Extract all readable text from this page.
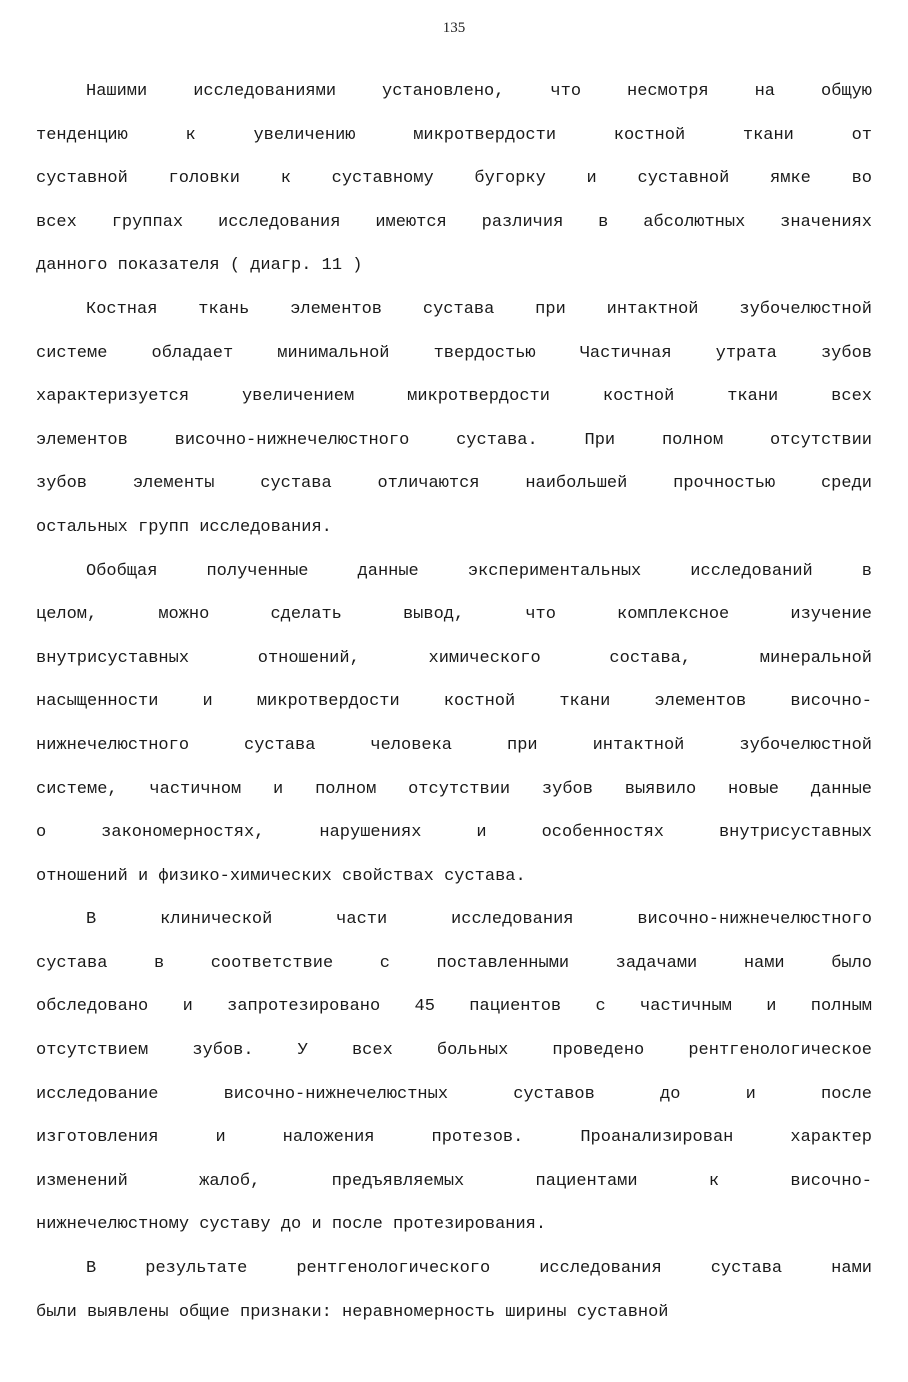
135
Нашими исследованиями установлено, что несмотря на общую
тенденцию к увеличению микротвердости костной ткани от
суставной головки к суставному бугорку и суставной ямке во
всех группах исследования имеются различия в абсолютных значениях
данного показателя ( диагр. 11 )
Костная ткань элементов сустава при интактной зубочелюстной
системе обладает минимальной твердостью Частичная утрата зубов
характеризуется увеличением микротвердости костной ткани всех
элементов височно-нижнечелюстного сустава. При полном отсутствии
зубов элементы сустава отличаются наибольшей прочностью среди
остальных групп исследования.
Обобщая полученные данные экспериментальных исследований в
целом, можно сделать вывод, что комплексное изучение
внутрисуставных отношений, химического состава, минеральной
насыщенности и микротвердости костной ткани элементов височно-
нижнечелюстного сустава человека при интактной зубочелюстной
системе, частичном и полном отсутствии зубов выявило новые данные
о закономерностях, нарушениях и особенностях внутрисуставных
отношений и физико-химических свойствах сустава.
В клинической части исследования височно-нижнечелюстного
сустава в соответствие с поставленными задачами нами было
обследовано и запротезировано 45 пациентов с частичным и полным
отсутствием зубов. У всех больных проведено рентгенологическое
исследование височно-нижнечелюстных суставов до и после
изготовления и наложения протезов. Проанализирован характер
изменений жалоб, предъявляемых пациентами к височно-
нижнечелюстному суставу до и после протезирования.
В результате рентгенологического исследования сустава нами
были выявлены общие признаки: неравномерность ширины суставной
